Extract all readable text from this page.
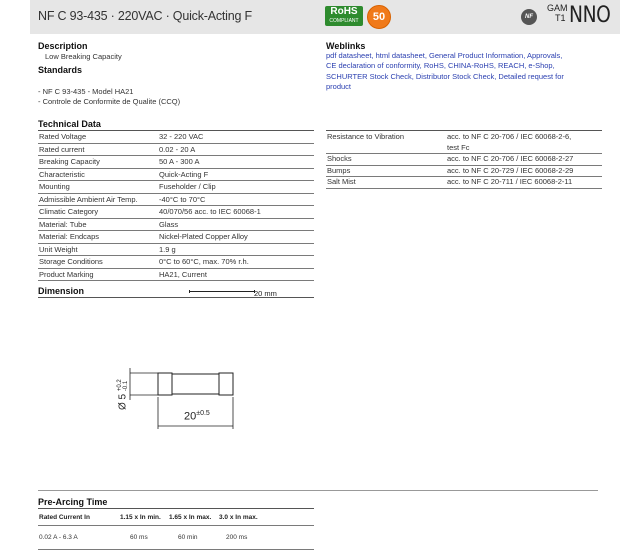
NF C 93-435 · 220VAC · Quick-Acting F	RoHS
COMPLIANT	50	NF
GAM
T1 NNO
Description
Low Breaking Capacity
Standards
- NF C 93-435 - Model HA21
- Controle de Conformite de Qualite (CCQ)
Weblinks
pdf datasheet, html datasheet, General Product Information, Approvals,
CE declaration of conformity, RoHS, CHINA-RoHS, REACH, e-Shop,
SCHURTER Stock Check, Distributor Stock Check, Detailed request for
product
Technical Data
Rated Voltage	32 - 220 VAC
Rated current	0.02 - 20 A
Breaking Capacity	50 A - 300 A
Characteristic	Quick-Acting F
Mounting	Fuseholder / Clip
Admissible Ambient Air Temp.	-40°C to 70°C
Climatic Category	40/070/56 acc. to IEC 60068-1
Material: Tube	Glass
Material: Endcaps	Nickel-Plated Copper Alloy
Unit Weight	1.9 g
Storage Conditions	0°C to 60°C, max. 70% r.h.
Product Marking	HA21, Current
Resistance to Vibration	acc. to NF C 20-706 / IEC 60068-2-6,
test Fc

Shocks	acc. to NF C 20-706 / IEC 60068-2-27
Bumps	acc. to NF C 20-729 / IEC 60068-2-29
Salt Mist	acc. to NF C 20-711 / IEC 60068-2-11
Dimension	20 mm
Ø 5
+0.2 -0.1
$20^{\pm 0.5}$
Pre-Arcing Time
Rated Current In	1.15 x In min.	1.65 x In max.	3.0 x In max.
0.02 A - 6.3 A	60 ms	60 min	200 ms
